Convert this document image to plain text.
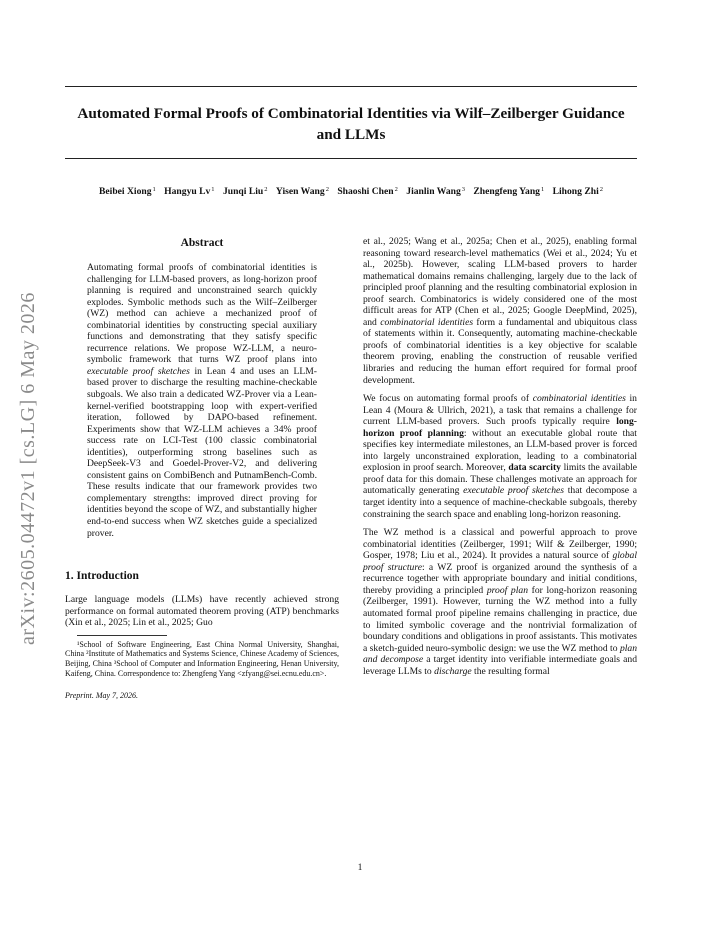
arXiv:2605.04472v1 [cs.LG] 6 May 2026
Automated Formal Proofs of Combinatorial Identities via Wilf–Zeilberger Guidance and LLMs
Beibei Xiong$^1$ Hangyu Lv$^1$ Junqi Liu$^2$ Yisen Wang$^2$ Shaoshi Chen$^2$ Jianlin Wang$^3$ Zhengfeng Yang$^1$ Lihong Zhi$^2$
Abstract

Automating formal proofs of combinatorial identities is challenging for LLM-based provers, as long-horizon proof planning is required and unconstrained search quickly explodes. Symbolic methods such as the Wilf–Zeilberger (WZ) method can achieve a mechanized proof of combinatorial identities by constructing special auxiliary functions and demonstrating that they satisfy specific recurrence relations. We propose WZ-LLM, a neuro-symbolic framework that turns WZ proof plans into executable proof sketches in Lean 4 and uses an LLM-based prover to discharge the resulting machine-checkable subgoals. We also train a dedicated WZ-Prover via a Lean-kernel-verified bootstrapping loop with expert-verified iteration, followed by DAPO-based refinement. Experiments show that WZ-LLM achieves a 34% proof success rate on LCI-Test (100 classic combinatorial identities), outperforming strong baselines such as DeepSeek-V3 and Goedel-Prover-V2, and delivering consistent gains on CombiBench and PutnamBench-Comb. These results indicate that our framework provides two complementary strengths: improved direct proving for identities beyond the scope of WZ, and substantially higher end-to-end success when WZ sketches guide a specialized prover.

1. Introduction

Large language models (LLMs) have recently achieved strong performance on formal automated theorem proving (ATP) benchmarks (Xin et al., 2025; Lin et al., 2025; Guo

¹School of Software Engineering, East China Normal University, Shanghai, China ²Institute of Mathematics and Systems Science, Chinese Academy of Sciences, Beijing, China ³School of Computer and Information Engineering, Henan University, Kaifeng, China. Correspondence to: Zhengfeng Yang <zfyang@sei.ecnu.edu.cn>.

Preprint. May 7, 2026.

et al., 2025; Wang et al., 2025a; Chen et al., 2025), enabling formal reasoning toward research-level mathematics (Wei et al., 2024; Yu et al., 2025b). However, scaling LLM-based provers to harder mathematical domains remains challenging, largely due to the lack of principled proof planning and the resulting combinatorial explosion in proof search. Combinatorics is widely considered one of the most difficult areas for ATP (Chen et al., 2025; Google DeepMind, 2025), and combinatorial identities form a fundamental and ubiquitous class of statements within it. Consequently, automating machine-checkable proofs of combinatorial identities is a key objective for scalable theorem proving, enabling the construction of reusable verified libraries and reducing the human effort required for formal proof development.

We focus on automating formal proofs of combinatorial identities in Lean 4 (Moura & Ullrich, 2021), a task that remains a challenge for current LLM-based provers. Such proofs typically require long-horizon proof planning: without an executable global route that specifies key intermediate milestones, an LLM-based prover is forced into largely unconstrained exploration, leading to a combinatorial explosion in proof search. Moreover, data scarcity limits the available proof data for this domain. These challenges motivate an approach for automatically generating executable proof sketches that decompose a target identity into a sequence of machine-checkable subgoals, thereby constraining the search space and enabling long-horizon reasoning.

The WZ method is a classical and powerful approach to prove combinatorial identities (Zeilberger, 1991; Wilf & Zeilberger, 1990; Gosper, 1978; Liu et al., 2024). It provides a natural source of global proof structure: a WZ proof is organized around the synthesis of a recurrence together with appropriate boundary and initial conditions, thereby providing a principled proof plan for long-horizon reasoning (Zeilberger, 1991). However, turning the WZ method into a fully automated formal proof pipeline remains challenging in practice, due to limited symbolic coverage and the nontrivial formalization of boundary conditions and obligations in proof assistants. This motivates a sketch-guided neuro-symbolic design: we use the WZ method to plan and decompose a target identity into verifiable intermediate goals and leverage LLMs to discharge the resulting formal

1
